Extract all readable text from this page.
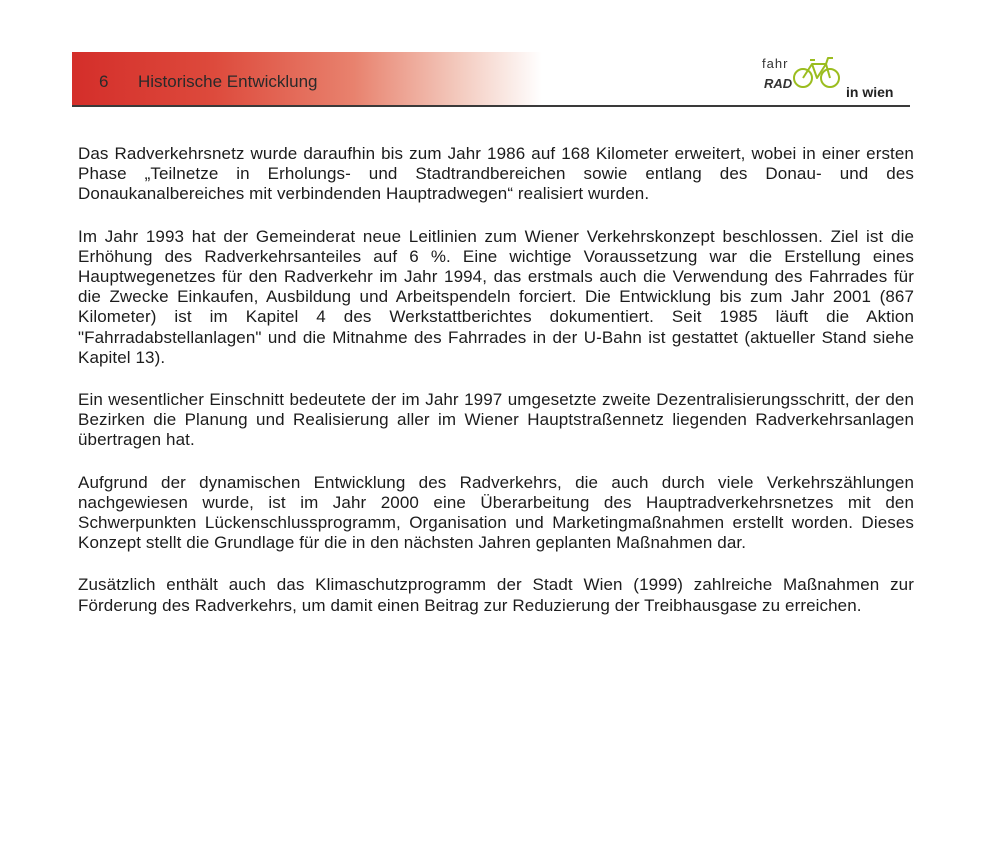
6 Historische Entwicklung
fahr
RAD
in wien

Das Radverkehrsnetz wurde daraufhin bis zum Jahr 1986 auf 168 Kilometer erweitert, wobei in einer ersten Phase „Teilnetze in Erholungs- und Stadtrandbereichen sowie entlang des Donau- und des Donaukanalbereiches mit verbindenden Hauptradwegen“ realisiert wurden.

Im Jahr 1993 hat der Gemeinderat neue Leitlinien zum Wiener Verkehrskonzept beschlossen. Ziel ist die Erhöhung des Radverkehrsanteiles auf 6 %. Eine wichtige Voraussetzung war die Erstellung eines Hauptwegenetzes für den Radverkehr im Jahr 1994, das erstmals auch die Verwendung des Fahrrades für die Zwecke Einkaufen, Ausbildung und Arbeitspendeln forciert. Die Entwicklung bis zum Jahr 2001 (867 Kilometer) ist im Kapitel 4 des Werkstattberichtes dokumentiert. Seit 1985 läuft die Aktion "Fahrradabstellanlagen" und die Mitnahme des Fahrrades in der U-Bahn ist gestattet (aktueller Stand siehe Kapitel 13).

Ein wesentlicher Einschnitt bedeutete der im Jahr 1997 umgesetzte zweite Dezentralisierungsschritt, der den Bezirken die Planung und Realisierung aller im Wiener Hauptstraßennetz liegenden Radverkehrsanlagen übertragen hat.

Aufgrund der dynamischen Entwicklung des Radverkehrs, die auch durch viele Verkehrszählungen nachgewiesen wurde, ist im Jahr 2000 eine Überarbeitung des Hauptradverkehrsnetzes mit den Schwerpunkten Lückenschlussprogramm, Organisation und Marketingmaßnahmen erstellt worden. Dieses Konzept stellt die Grundlage für die in den nächsten Jahren geplanten Maßnahmen dar.

Zusätzlich enthält auch das Klimaschutzprogramm der Stadt Wien (1999) zahlreiche Maßnahmen zur Förderung des Radverkehrs, um damit einen Beitrag zur Reduzierung der Treibhausgase zu erreichen.
